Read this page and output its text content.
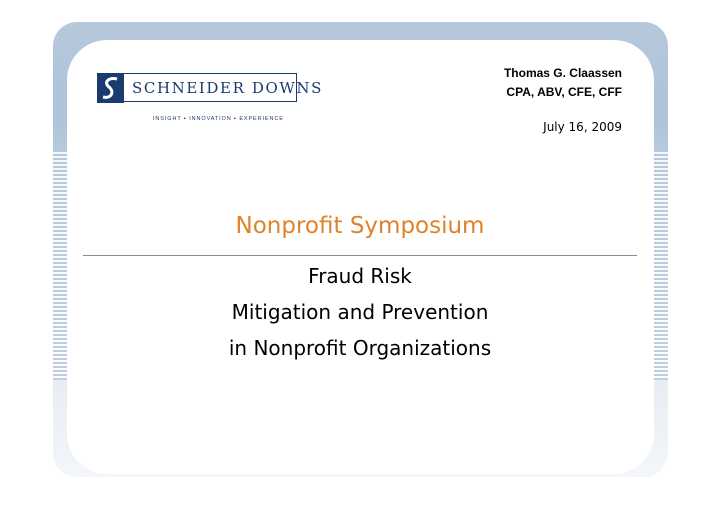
SCHNEIDER DOWNS
INSIGHT ▪ INNOVATION ▪ EXPERIENCE
Thomas G. Claassen
CPA, ABV, CFE, CFF
July 16, 2009
Nonprofit Symposium
Fraud Risk
Mitigation and Prevention
in Nonprofit Organizations
